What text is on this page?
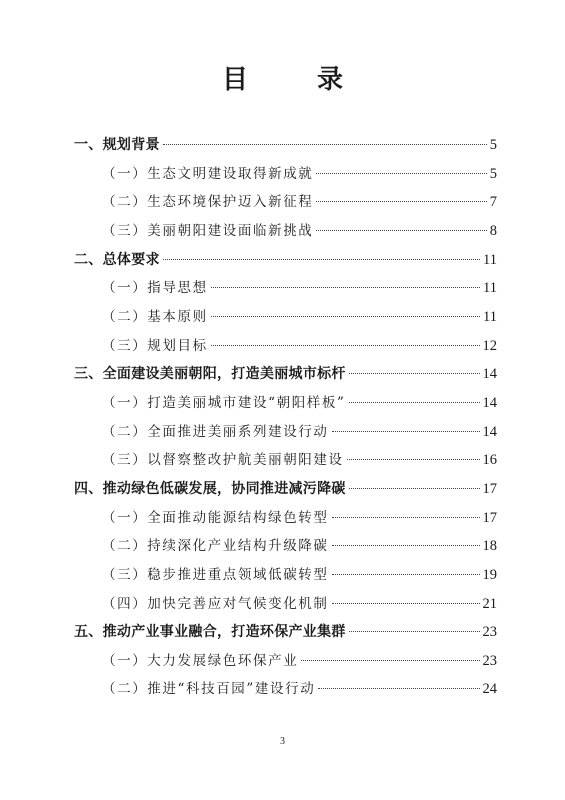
目 录
一、规划背景	5
（一）生态文明建设取得新成就	5
（二）生态环境保护迈入新征程	7
（三）美丽朝阳建设面临新挑战	8
二、总体要求	11
（一）指导思想	11
（二）基本原则	11
（三）规划目标	12
三、全面建设美丽朝阳，打造美丽城市标杆	14
（一）打造美丽城市建设“朝阳样板”	14
（二）全面推进美丽系列建设行动	14
（三）以督察整改护航美丽朝阳建设	16
四、推动绿色低碳发展，协同推进减污降碳	17
（一）全面推动能源结构绿色转型	17
（二）持续深化产业结构升级降碳	18
（三）稳步推进重点领域低碳转型	19
（四）加快完善应对气候变化机制	21
五、推动产业事业融合，打造环保产业集群	23
（一）大力发展绿色环保产业	23
（二）推进“科技百园”建设行动	24
3
